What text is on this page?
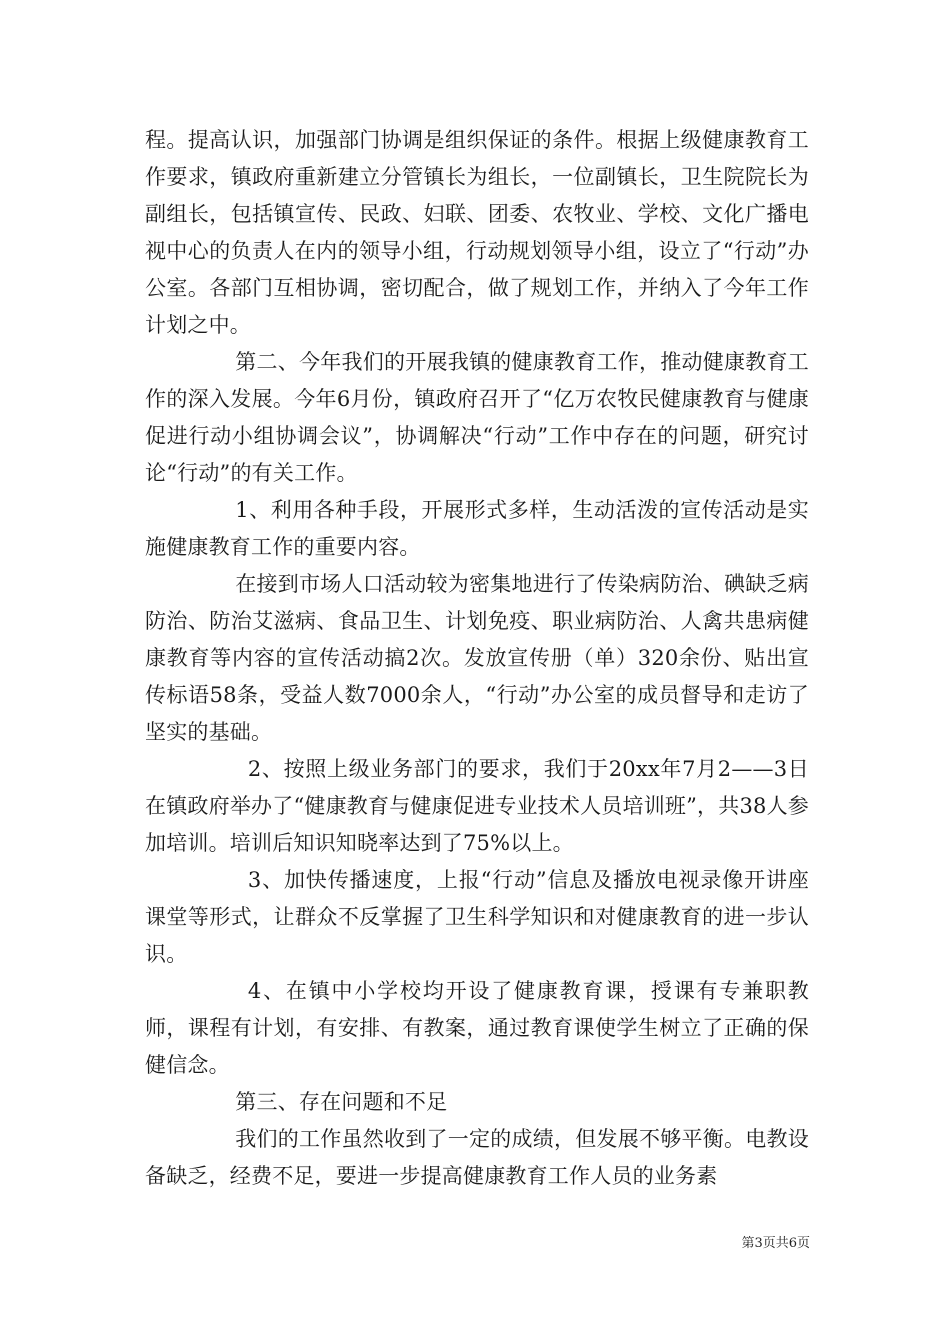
程。提高认识，加强部门协调是组织保证的条件。根据上级健康教育工作要求，镇政府重新建立分管镇长为组长，一位副镇长，卫生院院长为副组长，包括镇宣传、民政、妇联、团委、农牧业、学校、文化广播电视中心的负责人在内的领导小组，行动规划领导小组，设立了“行动”办公室。各部门互相协调，密切配合，做了规划工作，并纳入了今年工作计划之中。

第二、今年我们的开展我镇的健康教育工作，推动健康教育工作的深入发展。今年6月份，镇政府召开了“亿万农牧民健康教育与健康促进行动小组协调会议”，协调解决“行动”工作中存在的问题，研究讨论“行动”的有关工作。

1、利用各种手段，开展形式多样，生动活泼的宣传活动是实施健康教育工作的重要内容。

在接到市场人口活动较为密集地进行了传染病防治、碘缺乏病防治、防治艾滋病、食品卫生、计划免疫、职业病防治、人禽共患病健康教育等内容的宣传活动搞2次。发放宣传册（单）320余份、贴出宣传标语58条，受益人数7000余人，“行动”办公室的成员督导和走访了坚实的基础。

2、按照上级业务部门的要求，我们于20xx年7月2——3日在镇政府举办了“健康教育与健康促进专业技术人员培训班”，共38人参加培训。培训后知识知晓率达到了75%以上。

3、加快传播速度，上报“行动”信息及播放电视录像开讲座课堂等形式，让群众不反掌握了卫生科学知识和对健康教育的进一步认识。

4、在镇中小学校均开设了健康教育课，授课有专兼职教师，课程有计划，有安排、有教案，通过教育课使学生树立了正确的保健信念。

第三、存在问题和不足

我们的工作虽然收到了一定的成绩，但发展不够平衡。电教设备缺乏，经费不足，要进一步提高健康教育工作人员的业务素

第3页共6页
